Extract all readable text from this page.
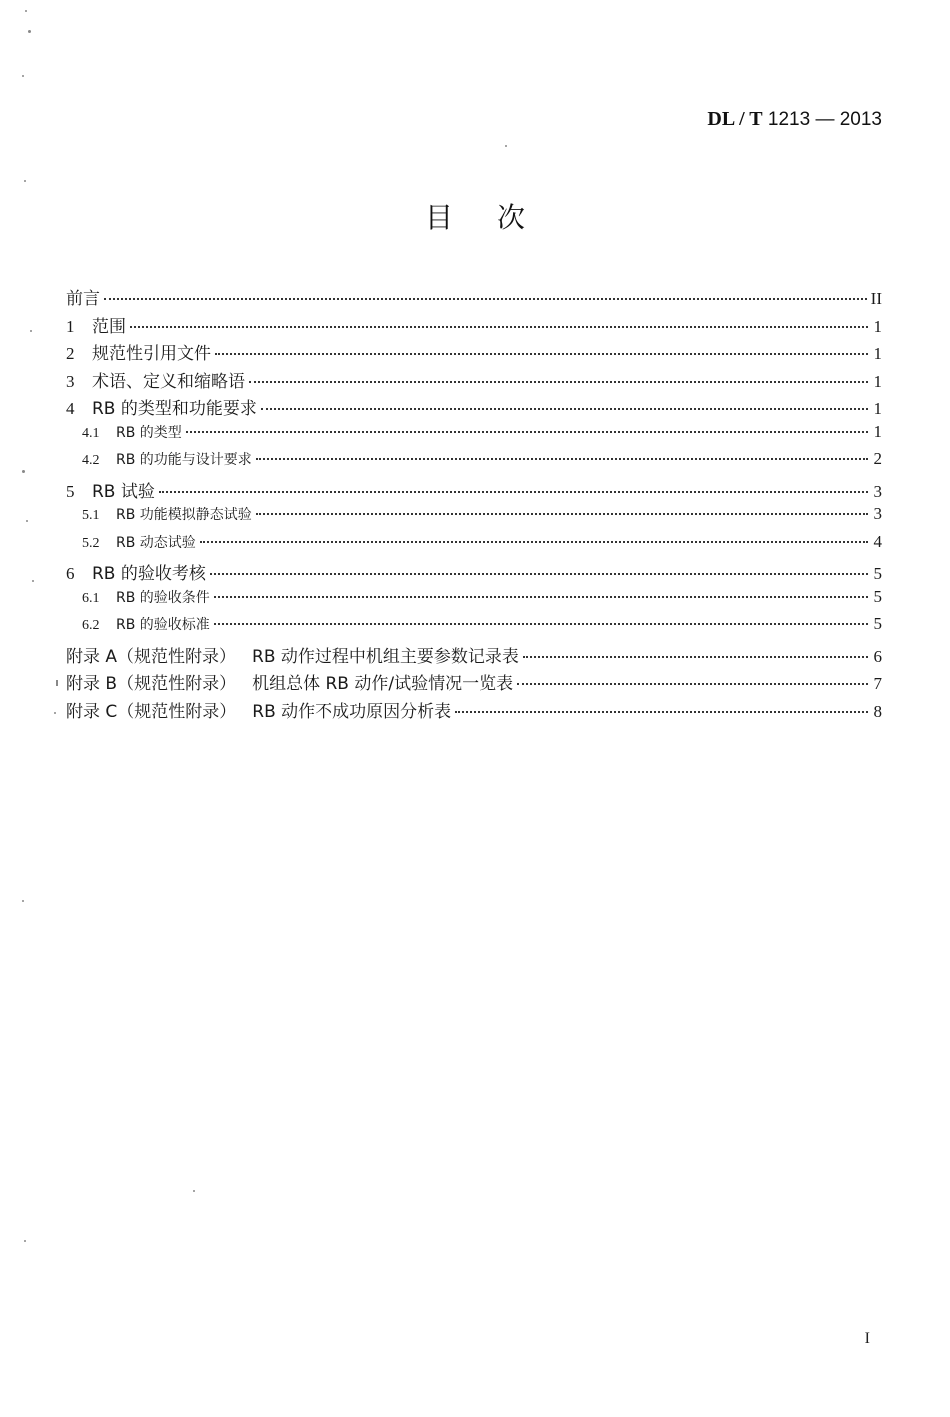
DL / T 1213 — 2013
目次
前言	II
1	范围	1
2	规范性引用文件	1
3	术语、定义和缩略语	1
4	RB 的类型和功能要求	1
4.1	RB 的类型	1
4.2	RB 的功能与设计要求	2
5	RB 试验	3
5.1	RB 功能模拟静态试验	3
5.2	RB 动态试验	4
6	RB 的验收考核	5
6.1	RB 的验收条件	5
6.2	RB 的验收标准	5
附录 A（规范性附录） RB 动作过程中机组主要参数记录表	6
附录 B（规范性附录） 机组总体 RB 动作/试验情况一览表	7
附录 C（规范性附录） RB 动作不成功原因分析表	8
I
